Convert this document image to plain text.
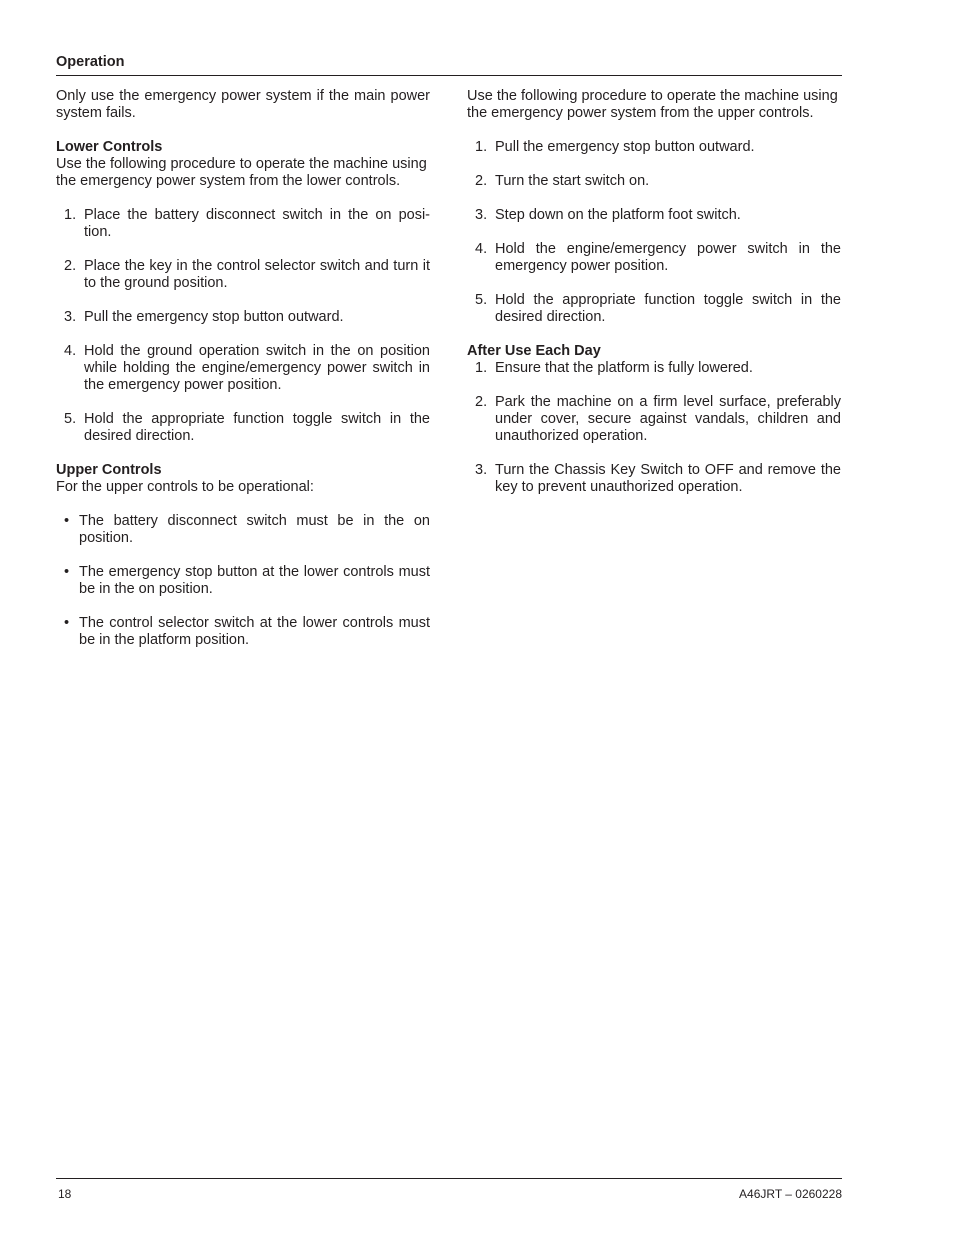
Operation

Only use the emergency power system if the main power system fails.

Lower Controls

Use the following procedure to operate the machine using the emergency power system from the lower controls.

1. Place the battery disconnect switch in the on posi-tion.
2. Place the key in the control selector switch and turn it to the ground position.
3. Pull the emergency stop button outward.
4. Hold the ground operation switch in the on position while holding the engine/emergency power switch in the emergency power position.
5. Hold the appropriate function toggle switch in the desired direction.

Upper Controls

For the upper controls to be operational:

• The battery disconnect switch must be in the on position.
• The emergency stop button at the lower controls must be in the on position.
• The control selector switch at the lower controls must be in the platform position.

Use the following procedure to operate the machine using the emergency power system from the upper controls.

1. Pull the emergency stop button outward.
2. Turn the start switch on.
3. Step down on the platform foot switch.
4. Hold the engine/emergency power switch in the emergency power position.
5. Hold the appropriate function toggle switch in the desired direction.

After Use Each Day

1. Ensure that the platform is fully lowered.
2. Park the machine on a firm level surface, preferably under cover, secure against vandals, children and unauthorized operation.
3. Turn the Chassis Key Switch to OFF and remove the key to prevent unauthorized operation.
18	A46JRT – 0260228
